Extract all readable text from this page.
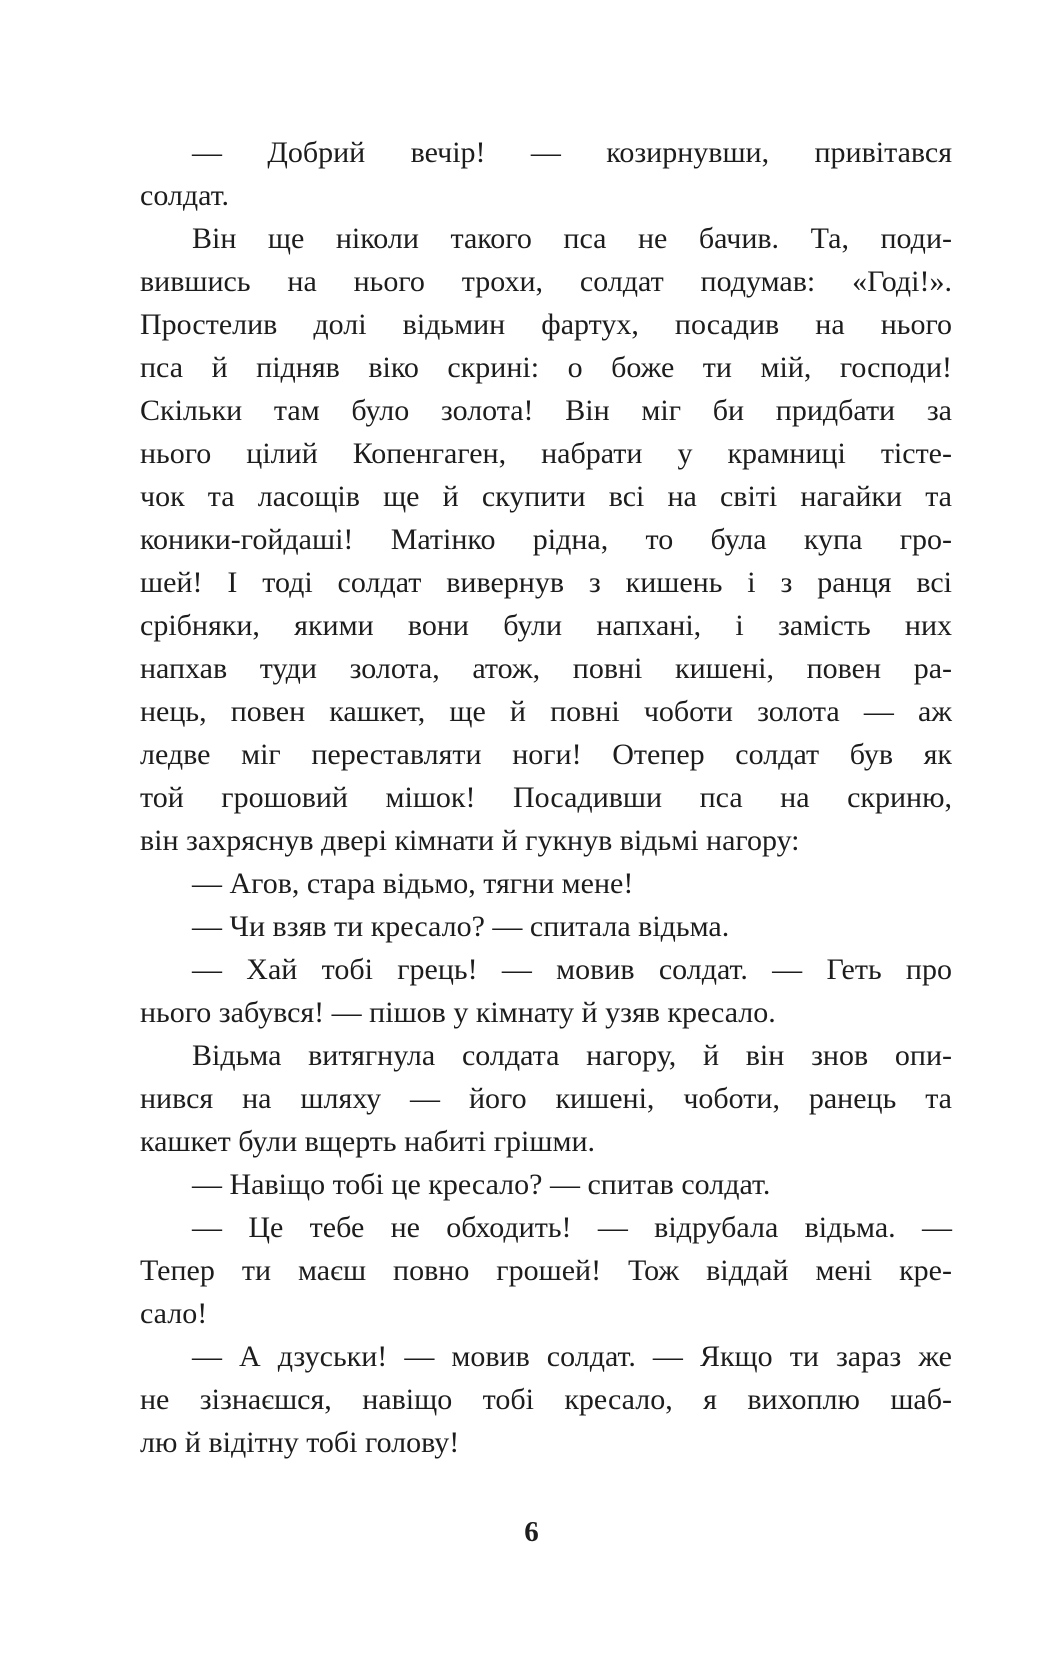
— Добрий вечір! — козирнувши, привітався
солдат.
Він ще ніколи такого пса не бачив. Та, поди-
вившись на нього трохи, солдат подумав: «Годі!».
Простелив долі відьмин фартух, посадив на нього
пса й підняв віко скрині: о боже ти мій, господи!
Скільки там було золота! Він міг би придбати за
нього цілий Копенгаген, набрати у крамниці тісте-
чок та ласощів ще й скупити всі на світі нагайки та
коники-гойдаші! Матінко рідна, то була купа гро-
шей! І тоді солдат вивернув з кишень і з ранця всі
срібняки, якими вони були напхані, і замість них
напхав туди золота, атож, повні кишені, повен ра-
нець, повен кашкет, ще й повні чоботи золота — аж
ледве міг переставляти ноги! Отепер солдат був як
той грошовий мішок! Посадивши пса на скриню,
він захряснув двері кімнати й гукнув відьмі нагору:
— Агов, стара відьмо, тягни мене!
— Чи взяв ти кресало? — спитала відьма.
— Хай тобі грець! — мовив солдат. — Геть про
нього забувся! — пішов у кімнату й узяв кресало.
Відьма витягнула солдата нагору, й він знов опи-
нився на шляху — його кишені, чоботи, ранець та
кашкет були вщерть набиті грішми.
— Навіщо тобі це кресало? — спитав солдат.
— Це тебе не обходить! — відрубала відьма. —
Тепер ти маєш повно грошей! Тож віддай мені кре-
сало!
— А дзуськи! — мовив солдат. — Якщо ти зараз же
не зізнаєшся, навіщо тобі кресало, я вихоплю шаб-
лю й відітну тобі голову!
6
